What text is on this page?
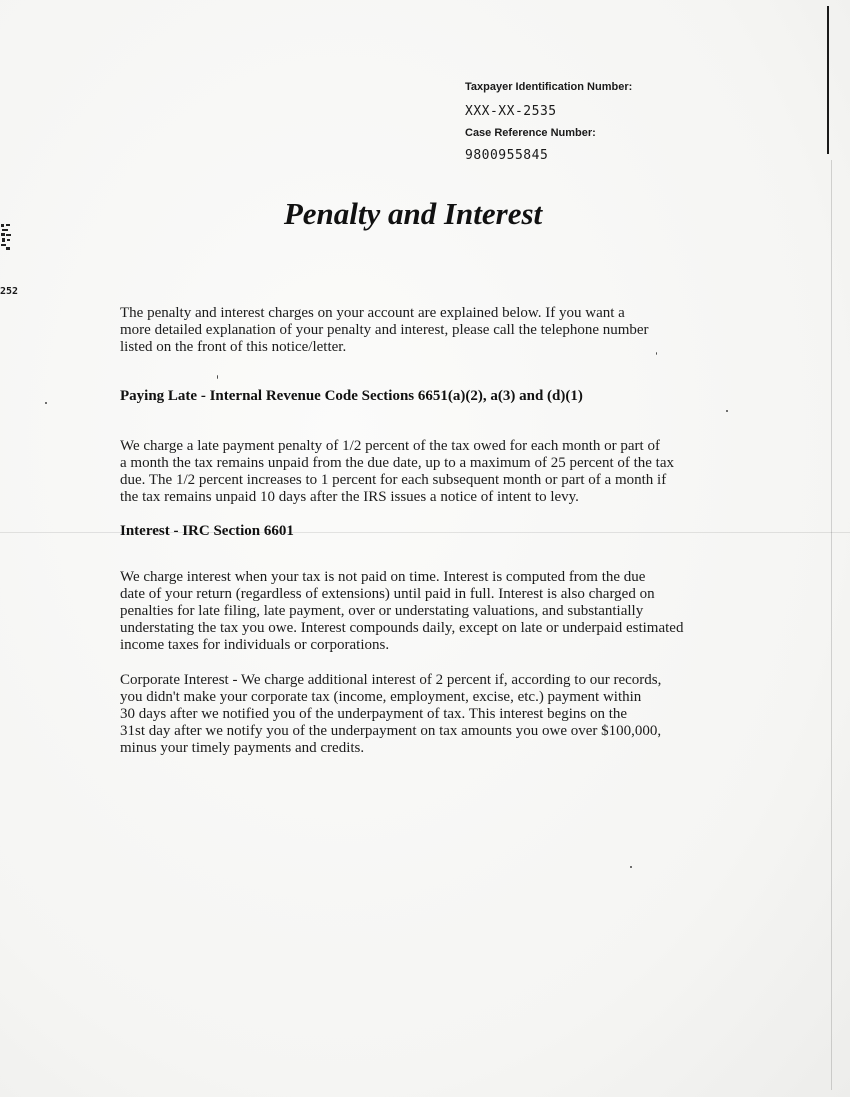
252
Taxpayer Identification Number:
XXX-XX-2535
Case Reference Number:
9800955845
Penalty and Interest
The penalty and interest charges on your account are explained below. If you want a
more detailed explanation of your penalty and interest, please call the telephone number
listed on the front of this notice/letter.
Paying Late - Internal Revenue Code Sections 6651(a)(2), a(3) and (d)(1)
We charge a late payment penalty of 1/2 percent of the tax owed for each month or part of
a month the tax remains unpaid from the due date, up to a maximum of 25 percent of the tax
due. The 1/2 percent increases to 1 percent for each subsequent month or part of a month if
the tax remains unpaid 10 days after the IRS issues a notice of intent to levy.
Interest - IRC Section 6601
We charge interest when your tax is not paid on time. Interest is computed from the due
date of your return (regardless of extensions) until paid in full. Interest is also charged on
penalties for late filing, late payment, over or understating valuations, and substantially
understating the tax you owe. Interest compounds daily, except on late or underpaid estimated
income taxes for individuals or corporations.
Corporate Interest - We charge additional interest of 2 percent if, according to our records,
you didn't make your corporate tax (income, employment, excise, etc.) payment within
30 days after we notified you of the underpayment of tax. This interest begins on the
31st day after we notify you of the underpayment on tax amounts you owe over $100,000,
minus your timely payments and credits.
